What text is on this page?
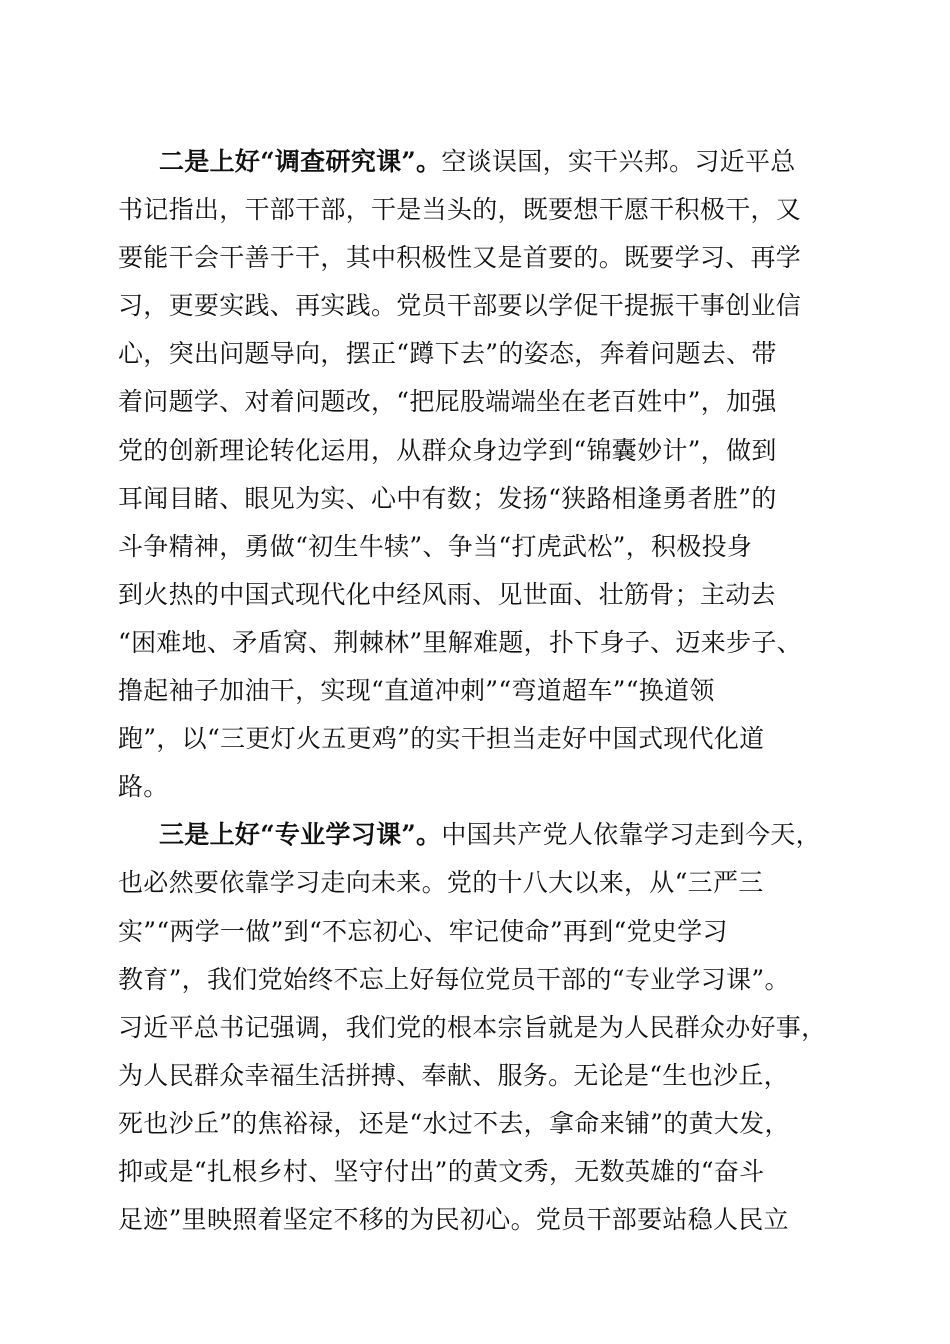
二是上好“调查研究课”。空谈误国，实干兴邦。习近平总
书记指出，干部干部，干是当头的，既要想干愿干积极干，又
要能干会干善于干，其中积极性又是首要的。既要学习、再学
习，更要实践、再实践。党员干部要以学促干提振干事创业信
心，突出问题导向，摆正“蹲下去”的姿态，奔着问题去、带
着问题学、对着问题改，“把屁股端端坐在老百姓中”，加强
党的创新理论转化运用，从群众身边学到“锦囊妙计”，做到
耳闻目睹、眼见为实、心中有数；发扬“狭路相逢勇者胜”的
斗争精神，勇做“初生牛犊”、争当“打虎武松”，积极投身
到火热的中国式现代化中经风雨、见世面、壮筋骨；主动去
“困难地、矛盾窝、荆棘林”里解难题，扑下身子、迈来步子、
撸起袖子加油干，实现“直道冲刺”“弯道超车”“换道领
跑”，以“三更灯火五更鸡”的实干担当走好中国式现代化道
路。
三是上好“专业学习课”。中国共产党人依靠学习走到今天，
也必然要依靠学习走向未来。党的十八大以来，从“三严三
实”“两学一做”到“不忘初心、牢记使命”再到“党史学习
教育”，我们党始终不忘上好每位党员干部的“专业学习课”。
习近平总书记强调，我们党的根本宗旨就是为人民群众办好事，
为人民群众幸福生活拼搏、奉献、服务。无论是“生也沙丘，
死也沙丘”的焦裕禄，还是“水过不去，拿命来铺”的黄大发，
抑或是“扎根乡村、坚守付出”的黄文秀，无数英雄的“奋斗
足迹”里映照着坚定不移的为民初心。党员干部要站稳人民立
